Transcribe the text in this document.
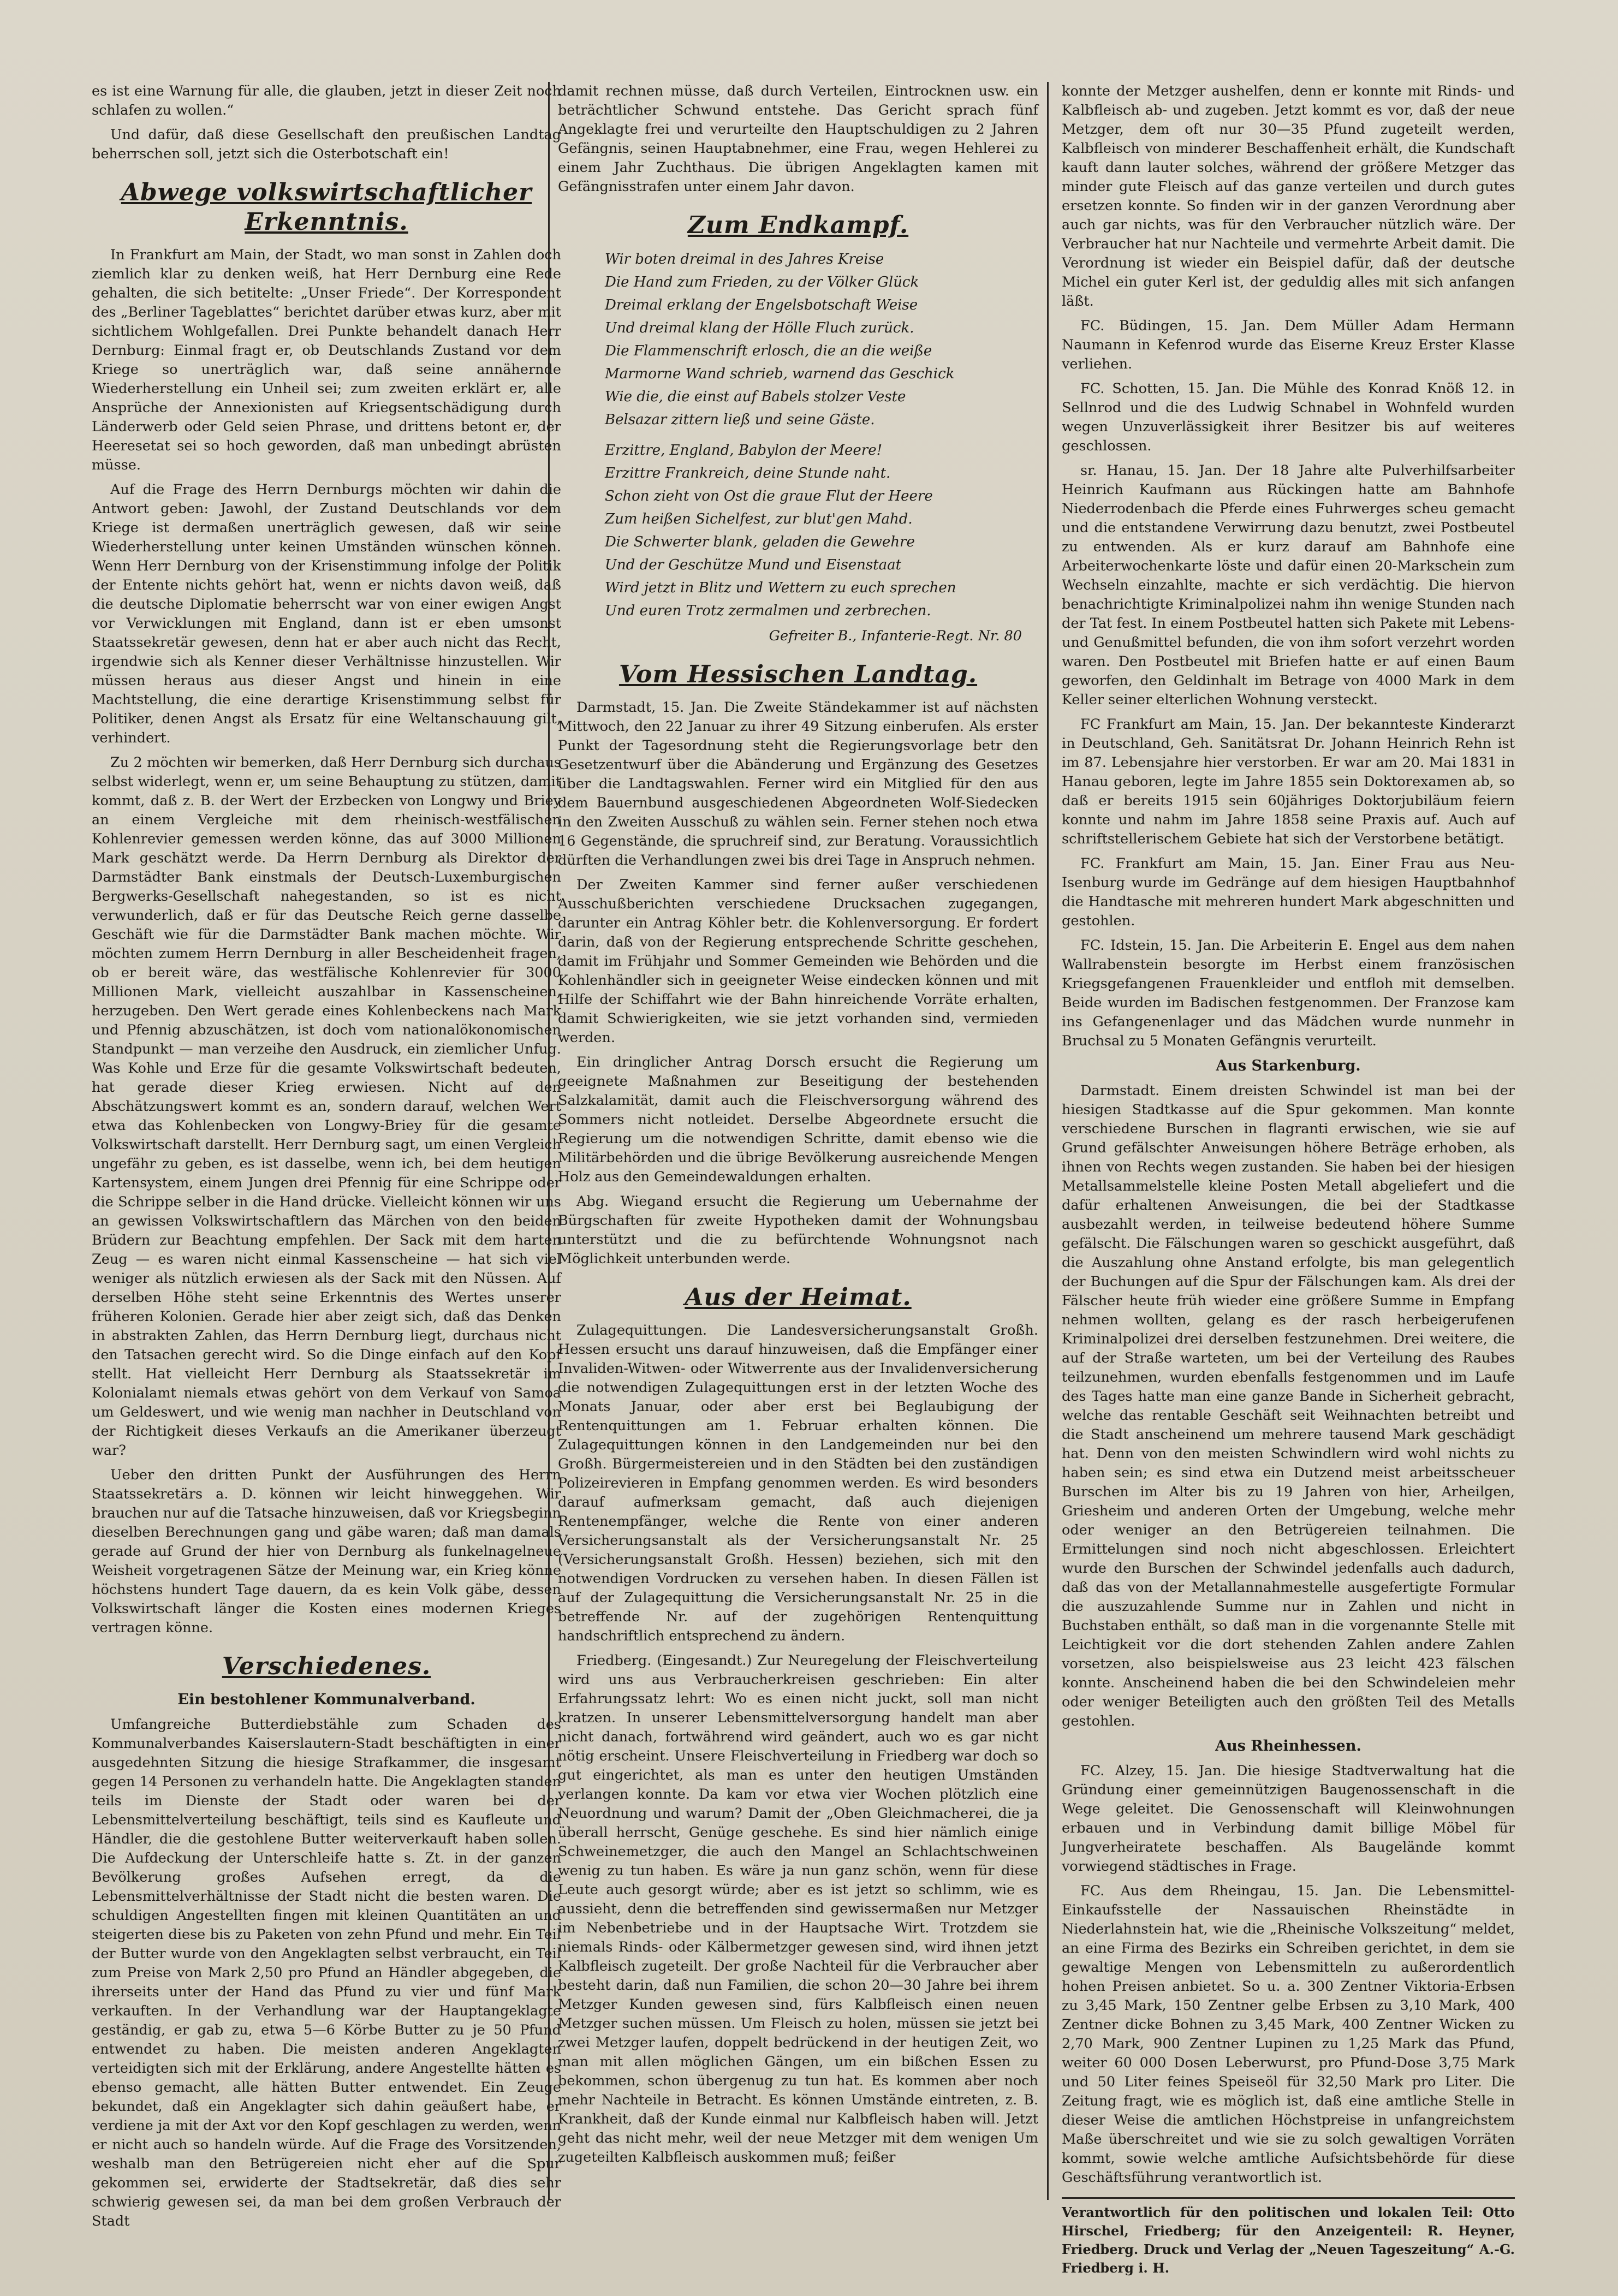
es ist eine Warnung für alle, die glauben, jetzt in dieser Zeit noch schlafen zu wollen.“

Und dafür, daß diese Gesellschaft den preußischen Landtag beherrschen soll, jetzt sich die Osterbotschaft ein!

Abwege volkswirtschaftlicher Erkenntnis.

In Frankfurt am Main, der Stadt, wo man sonst in Zahlen doch ziemlich klar zu denken weiß, hat Herr Dernburg eine Rede gehalten, die sich betitelte: „Unser Friede“. Der Korrespondent des „Berliner Tageblattes“ berichtet darüber etwas kurz, aber mit sichtlichem Wohlgefallen. Drei Punkte behandelt danach Herr Dernburg: Einmal fragt er, ob Deutschlands Zustand vor dem Kriege so unerträglich war, daß seine annähernde Wiederherstellung ein Unheil sei; zum zweiten erklärt er, alle Ansprüche der Annexionisten auf Kriegsentschädigung durch Länderwerb oder Geld seien Phrase, und drittens betont er, der Heeresetat sei so hoch geworden, daß man unbedingt abrüsten müsse.

Auf die Frage des Herrn Dernburgs möchten wir dahin die Antwort geben: Jawohl, der Zustand Deutschlands vor dem Kriege ist dermaßen unerträglich gewesen, daß wir seine Wiederherstellung unter keinen Umständen wünschen können. Wenn Herr Dernburg von der Krisenstimmung infolge der Politik der Entente nichts gehört hat, wenn er nichts davon weiß, daß die deutsche Diplomatie beherrscht war von einer ewigen Angst vor Verwicklungen mit England, dann ist er eben umsonst Staatssekretär gewesen, denn hat er aber auch nicht das Recht, irgendwie sich als Kenner dieser Verhältnisse hinzustellen. Wir müssen heraus aus dieser Angst und hinein in eine Machtstellung, die eine derartige Krisenstimmung selbst für Politiker, denen Angst als Ersatz für eine Weltanschauung gilt, verhindert.

Zu 2 möchten wir bemerken, daß Herr Dernburg sich durchaus selbst widerlegt, wenn er, um seine Behauptung zu stützen, damit kommt, daß z. B. der Wert der Erzbecken von Longwy und Briey an einem Vergleiche mit dem rheinisch-westfälischen Kohlenrevier gemessen werden könne, das auf 3000 Millionen Mark geschätzt werde. Da Herrn Dernburg als Direktor der Darmstädter Bank einstmals der Deutsch-Luxemburgischen Bergwerks-Gesellschaft nahegestanden, so ist es nicht verwunderlich, daß er für das Deutsche Reich gerne dasselbe Geschäft wie für die Darmstädter Bank machen möchte. Wir möchten zumem Herrn Dernburg in aller Bescheidenheit fragen, ob er bereit wäre, das westfälische Kohlenrevier für 3000 Millionen Mark, vielleicht auszahlbar in Kassenscheinen, herzugeben. Den Wert gerade eines Kohlenbeckens nach Mark und Pfennig abzuschätzen, ist doch vom nationalökonomischen Standpunkt — man verzeihe den Ausdruck, ein ziemlicher Unfug. Was Kohle und Erze für die gesamte Volkswirtschaft bedeuten, hat gerade dieser Krieg erwiesen. Nicht auf den Abschätzungswert kommt es an, sondern darauf, welchen Wert etwa das Kohlenbecken von Longwy-Briey für die gesamte Volkswirtschaft darstellt. Herr Dernburg sagt, um einen Vergleich ungefähr zu geben, es ist dasselbe, wenn ich, bei dem heutigen Kartensystem, einem Jungen drei Pfennig für eine Schrippe oder die Schrippe selber in die Hand drücke. Vielleicht können wir uns an gewissen Volkswirtschaftlern das Märchen von den beiden Brüdern zur Beachtung empfehlen. Der Sack mit dem harten Zeug — es waren nicht einmal Kassenscheine — hat sich viel weniger als nützlich erwiesen als der Sack mit den Nüssen. Auf derselben Höhe steht seine Erkenntnis des Wertes unserer früheren Kolonien. Gerade hier aber zeigt sich, daß das Denken in abstrakten Zahlen, das Herrn Dernburg liegt, durchaus nicht den Tatsachen gerecht wird. So die Dinge einfach auf den Kopf stellt. Hat vielleicht Herr Dernburg als Staatssekretär im Kolonialamt niemals etwas gehört von dem Verkauf von Samoa um Geldeswert, und wie wenig man nachher in Deutschland von der Richtigkeit dieses Verkaufs an die Amerikaner überzeugt war?

Ueber den dritten Punkt der Ausführungen des Herrn Staatssekretärs a. D. können wir leicht hinweggehen. Wir brauchen nur auf die Tatsache hinzuweisen, daß vor Kriegsbeginn dieselben Berechnungen gang und gäbe waren; daß man damals gerade auf Grund der hier von Dernburg als funkelnagelneue Weisheit vorgetragenen Sätze der Meinung war, ein Krieg könne höchstens hundert Tage dauern, da es kein Volk gäbe, dessen Volkswirtschaft länger die Kosten eines modernen Krieges vertragen könne.

Verschiedenes.
Ein bestohlener Kommunalverband.

Umfangreiche Butterdiebstähle zum Schaden des Kommunalverbandes Kaiserslautern-Stadt beschäftigten in einer ausgedehnten Sitzung die hiesige Strafkammer, die insgesamt gegen 14 Personen zu verhandeln hatte. Die Angeklagten standen teils im Dienste der Stadt oder waren bei der Lebensmittelverteilung beschäftigt, teils sind es Kaufleute und Händler, die die gestohlene Butter weiterverkauft haben sollen. Die Aufdeckung der Unterschleife hatte s. Zt. in der ganzen Bevölkerung großes Aufsehen erregt, da die Lebensmittelverhältnisse der Stadt nicht die besten waren. Die schuldigen Angestellten fingen mit kleinen Quantitäten an und steigerten diese bis zu Paketen von zehn Pfund und mehr. Ein Teil der Butter wurde von den Angeklagten selbst verbraucht, ein Teil zum Preise von Mark 2,50 pro Pfund an Händler abgegeben, die ihrerseits unter der Hand das Pfund zu vier und fünf Mark verkauften. In der Verhandlung war der Hauptangeklagte geständig, er gab zu, etwa 5—6 Körbe Butter zu je 50 Pfund entwendet zu haben. Die meisten anderen Angeklagten verteidigten sich mit der Erklärung, andere Angestellte hätten es ebenso gemacht, alle hätten Butter entwendet. Ein Zeuge bekundet, daß ein Angeklagter sich dahin geäußert habe, er verdiene ja mit der Axt vor den Kopf geschlagen zu werden, wenn er nicht auch so handeln würde. Auf die Frage des Vorsitzenden, weshalb man den Betrügereien nicht eher auf die Spur gekommen sei, erwiderte der Stadtsekretär, daß dies sehr schwierig gewesen sei, da man bei dem großen Verbrauch der Stadt

damit rechnen müsse, daß durch Verteilen, Eintrocknen usw. ein beträchtlicher Schwund entstehe. Das Gericht sprach fünf Angeklagte frei und verurteilte den Hauptschuldigen zu 2 Jahren Gefängnis, seinen Hauptabnehmer, eine Frau, wegen Hehlerei zu einem Jahr Zuchthaus. Die übrigen Angeklagten kamen mit Gefängnisstrafen unter einem Jahr davon.

Zum Endkampf.

Wir boten dreimal in des Jahres Kreise

Die Hand zum Frieden, zu der Völker Glück

Dreimal erklang der Engelsbotschaft Weise

Und dreimal klang der Hölle Fluch zurück.

Die Flammenschrift erlosch, die an die weiße

Marmorne Wand schrieb, warnend das Geschick

Wie die, die einst auf Babels stolzer Veste

Belsazar zittern ließ und seine Gäste.

Erzittre, England, Babylon der Meere!

Erzittre Frankreich, deine Stunde naht.

Schon zieht von Ost die graue Flut der Heere

Zum heißen Sichelfest, zur blut'gen Mahd.

Die Schwerter blank, geladen die Gewehre

Und der Geschütze Mund und Eisenstaat

Wird jetzt in Blitz und Wettern zu euch sprechen

Und euren Trotz zermalmen und zerbrechen.

Gefreiter B., Infanterie-Regt. Nr. 80

Vom Hessischen Landtag.

Darmstadt, 15. Jan. Die Zweite Ständekammer ist auf nächsten Mittwoch, den 22 Januar zu ihrer 49 Sitzung einberufen. Als erster Punkt der Tagesordnung steht die Regierungsvorlage betr den Gesetzentwurf über die Abänderung und Ergänzung des Gesetzes über die Landtagswahlen. Ferner wird ein Mitglied für den aus dem Bauernbund ausgeschiedenen Abgeordneten Wolf-Siedecken in den Zweiten Ausschuß zu wählen sein. Ferner stehen noch etwa 16 Gegenstände, die spruchreif sind, zur Beratung. Voraussichtlich dürften die Verhandlungen zwei bis drei Tage in Anspruch nehmen.

Der Zweiten Kammer sind ferner außer verschiedenen Ausschußberichten verschiedene Drucksachen zugegangen, darunter ein Antrag Köhler betr. die Kohlenversorgung. Er fordert darin, daß von der Regierung entsprechende Schritte geschehen, damit im Frühjahr und Sommer Gemeinden wie Behörden und die Kohlenhändler sich in geeigneter Weise eindecken können und mit Hilfe der Schiffahrt wie der Bahn hinreichende Vorräte erhalten, damit Schwierigkeiten, wie sie jetzt vorhanden sind, vermieden werden.

Ein dringlicher Antrag Dorsch ersucht die Regierung um geeignete Maßnahmen zur Beseitigung der bestehenden Salzkalamität, damit auch die Fleischversorgung während des Sommers nicht notleidet. Derselbe Abgeordnete ersucht die Regierung um die notwendigen Schritte, damit ebenso wie die Militärbehörden und die übrige Bevölkerung ausreichende Mengen Holz aus den Gemeindewaldungen erhalten.

Abg. Wiegand ersucht die Regierung um Uebernahme der Bürgschaften für zweite Hypotheken damit der Wohnungsbau unterstützt und die zu befürchtende Wohnungsnot nach Möglichkeit unterbunden werde.

Aus der Heimat.

Zulagequittungen. Die Landesversicherungsanstalt Großh. Hessen ersucht uns darauf hinzuweisen, daß die Empfänger einer Invaliden-Witwen- oder Witwerrente aus der Invalidenversicherung die notwendigen Zulagequittungen erst in der letzten Woche des Monats Januar, oder aber erst bei Beglaubigung der Rentenquittungen am 1. Februar erhalten können. Die Zulagequittungen können in den Landgemeinden nur bei den Großh. Bürgermeistereien und in den Städten bei den zuständigen Polizeirevieren in Empfang genommen werden. Es wird besonders darauf aufmerksam gemacht, daß auch diejenigen Rentenempfänger, welche die Rente von einer anderen Versicherungsanstalt als der Versicherungsanstalt Nr. 25 (Versicherungsanstalt Großh. Hessen) beziehen, sich mit den notwendigen Vordrucken zu versehen haben. In diesen Fällen ist auf der Zulagequittung die Versicherungsanstalt Nr. 25 in die betreffende Nr. auf der zugehörigen Rentenquittung handschriftlich entsprechend zu ändern.

Friedberg. (Eingesandt.) Zur Neuregelung der Fleischverteilung wird uns aus Verbraucherkreisen geschrieben: Ein alter Erfahrungssatz lehrt: Wo es einen nicht juckt, soll man nicht kratzen. In unserer Lebensmittelversorgung handelt man aber nicht danach, fortwährend wird geändert, auch wo es gar nicht nötig erscheint. Unsere Fleischverteilung in Friedberg war doch so gut eingerichtet, als man es unter den heutigen Umständen verlangen konnte. Da kam vor etwa vier Wochen plötzlich eine Neuordnung und warum? Damit der „Oben Gleichmacherei, die ja überall herrscht, Genüge geschehe. Es sind hier nämlich einige Schweinemetzger, die auch den Mangel an Schlachtschweinen wenig zu tun haben. Es wäre ja nun ganz schön, wenn für diese Leute auch gesorgt würde; aber es ist jetzt so schlimm, wie es aussieht, denn die betreffenden sind gewissermaßen nur Metzger im Nebenbetriebe und in der Hauptsache Wirt. Trotzdem sie niemals Rinds- oder Kälbermetzger gewesen sind, wird ihnen jetzt Kalbfleisch zugeteilt. Der große Nachteil für die Verbraucher aber besteht darin, daß nun Familien, die schon 20—30 Jahre bei ihrem Metzger Kunden gewesen sind, fürs Kalbfleisch einen neuen Metzger suchen müssen. Um Fleisch zu holen, müssen sie jetzt bei zwei Metzger laufen, doppelt bedrückend in der heutigen Zeit, wo man mit allen möglichen Gängen, um ein bißchen Essen zu bekommen, schon übergenug zu tun hat. Es kommen aber noch mehr Nachteile in Betracht. Es können Umstände eintreten, z. B. Krankheit, daß der Kunde einmal nur Kalbfleisch haben will. Jetzt geht das nicht mehr, weil der neue Metzger mit dem wenigen Um zugeteilten Kalbfleisch auskommen muß; feißer

konnte der Metzger aushelfen, denn er konnte mit Rinds- und Kalbfleisch ab- und zugeben. Jetzt kommt es vor, daß der neue Metzger, dem oft nur 30—35 Pfund zugeteilt werden, Kalbfleisch von minderer Beschaffenheit erhält, die Kundschaft kauft dann lauter solches, während der größere Metzger das minder gute Fleisch auf das ganze verteilen und durch gutes ersetzen konnte. So finden wir in der ganzen Verordnung aber auch gar nichts, was für den Verbraucher nützlich wäre. Der Verbraucher hat nur Nachteile und vermehrte Arbeit damit. Die Verordnung ist wieder ein Beispiel dafür, daß der deutsche Michel ein guter Kerl ist, der geduldig alles mit sich anfangen läßt.

FC. Büdingen, 15. Jan. Dem Müller Adam Hermann Naumann in Kefenrod wurde das Eiserne Kreuz Erster Klasse verliehen.

FC. Schotten, 15. Jan. Die Mühle des Konrad Knöß 12. in Sellnrod und die des Ludwig Schnabel in Wohnfeld wurden wegen Unzuverlässigkeit ihrer Besitzer bis auf weiteres geschlossen.

sr. Hanau, 15. Jan. Der 18 Jahre alte Pulverhilfsarbeiter Heinrich Kaufmann aus Rückingen hatte am Bahnhofe Niederrodenbach die Pferde eines Fuhrwerges scheu gemacht und die entstandene Verwirrung dazu benutzt, zwei Postbeutel zu entwenden. Als er kurz darauf am Bahnhofe eine Arbeiterwochenkarte löste und dafür einen 20-Markschein zum Wechseln einzahlte, machte er sich verdächtig. Die hiervon benachrichtigte Kriminalpolizei nahm ihn wenige Stunden nach der Tat fest. In einem Postbeutel hatten sich Pakete mit Lebens- und Genußmittel befunden, die von ihm sofort verzehrt worden waren. Den Postbeutel mit Briefen hatte er auf einen Baum geworfen, den Geldinhalt im Betrage von 4000 Mark in dem Keller seiner elterlichen Wohnung versteckt.

FC Frankfurt am Main, 15. Jan. Der bekannteste Kinderarzt in Deutschland, Geh. Sanitätsrat Dr. Johann Heinrich Rehn ist im 87. Lebensjahre hier verstorben. Er war am 20. Mai 1831 in Hanau geboren, legte im Jahre 1855 sein Doktorexamen ab, so daß er bereits 1915 sein 60jähriges Doktorjubiläum feiern konnte und nahm im Jahre 1858 seine Praxis auf. Auch auf schriftstellerischem Gebiete hat sich der Verstorbene betätigt.

FC. Frankfurt am Main, 15. Jan. Einer Frau aus Neu-Isenburg wurde im Gedränge auf dem hiesigen Hauptbahnhof die Handtasche mit mehreren hundert Mark abgeschnitten und gestohlen.

FC. Idstein, 15. Jan. Die Arbeiterin E. Engel aus dem nahen Wallrabenstein besorgte im Herbst einem französischen Kriegsgefangenen Frauenkleider und entfloh mit demselben. Beide wurden im Badischen festgenommen. Der Franzose kam ins Gefangenenlager und das Mädchen wurde nunmehr in Bruchsal zu 5 Monaten Gefängnis verurteilt.

Aus Starkenburg.

Darmstadt. Einem dreisten Schwindel ist man bei der hiesigen Stadtkasse auf die Spur gekommen. Man konnte verschiedene Burschen in flagranti erwischen, wie sie auf Grund gefälschter Anweisungen höhere Beträge erhoben, als ihnen von Rechts wegen zustanden. Sie haben bei der hiesigen Metallsammelstelle kleine Posten Metall abgeliefert und die dafür erhaltenen Anweisungen, die bei der Stadtkasse ausbezahlt werden, in teilweise bedeutend höhere Summe gefälscht. Die Fälschungen waren so geschickt ausgeführt, daß die Auszahlung ohne Anstand erfolgte, bis man gelegentlich der Buchungen auf die Spur der Fälschungen kam. Als drei der Fälscher heute früh wieder eine größere Summe in Empfang nehmen wollten, gelang es der rasch herbeigerufenen Kriminalpolizei drei derselben festzunehmen. Drei weitere, die auf der Straße warteten, um bei der Verteilung des Raubes teilzunehmen, wurden ebenfalls festgenommen und im Laufe des Tages hatte man eine ganze Bande in Sicherheit gebracht, welche das rentable Geschäft seit Weihnachten betreibt und die Stadt anscheinend um mehrere tausend Mark geschädigt hat. Denn von den meisten Schwindlern wird wohl nichts zu haben sein; es sind etwa ein Dutzend meist arbeitsscheuer Burschen im Alter bis zu 19 Jahren von hier, Arheilgen, Griesheim und anderen Orten der Umgebung, welche mehr oder weniger an den Betrügereien teilnahmen. Die Ermittelungen sind noch nicht abgeschlossen. Erleichtert wurde den Burschen der Schwindel jedenfalls auch dadurch, daß das von der Metallannahmestelle ausgefertigte Formular die auszuzahlende Summe nur in Zahlen und nicht in Buchstaben enthält, so daß man in die vorgenannte Stelle mit Leichtigkeit vor die dort stehenden Zahlen andere Zahlen vorsetzen, also beispielsweise aus 23 leicht 423 fälschen konnte. Anscheinend haben die bei den Schwindeleien mehr oder weniger Beteiligten auch den größten Teil des Metalls gestohlen.

Aus Rheinhessen.

FC. Alzey, 15. Jan. Die hiesige Stadtverwaltung hat die Gründung einer gemeinnützigen Baugenossenschaft in die Wege geleitet. Die Genossenschaft will Kleinwohnungen erbauen und in Verbindung damit billige Möbel für Jungverheiratete beschaffen. Als Baugelände kommt vorwiegend städtisches in Frage.

FC. Aus dem Rheingau, 15. Jan. Die Lebensmittel-Einkaufsstelle der Nassauischen Rheinstädte in Niederlahnstein hat, wie die „Rheinische Volkszeitung“ meldet, an eine Firma des Bezirks ein Schreiben gerichtet, in dem sie gewaltige Mengen von Lebensmitteln zu außerordentlich hohen Preisen anbietet. So u. a. 300 Zentner Viktoria-Erbsen zu 3,45 Mark, 150 Zentner gelbe Erbsen zu 3,10 Mark, 400 Zentner dicke Bohnen zu 3,45 Mark, 400 Zentner Wicken zu 2,70 Mark, 900 Zentner Lupinen zu 1,25 Mark das Pfund, weiter 60 000 Dosen Leberwurst, pro Pfund-Dose 3,75 Mark und 50 Liter feines Speiseöl für 32,50 Mark pro Liter. Die Zeitung fragt, wie es möglich ist, daß eine amtliche Stelle in dieser Weise die amtlichen Höchstpreise in unfangreichstem Maße überschreitet und wie sie zu solch gewaltigen Vorräten kommt, sowie welche amtliche Aufsichtsbehörde für diese Geschäftsführung verantwortlich ist.

Verantwortlich für den politischen und lokalen Teil: Otto Hirschel, Friedberg; für den Anzeigenteil: R. Heyner, Friedberg. Druck und Verlag der „Neuen Tageszeitung“ A.-G. Friedberg i. H.
